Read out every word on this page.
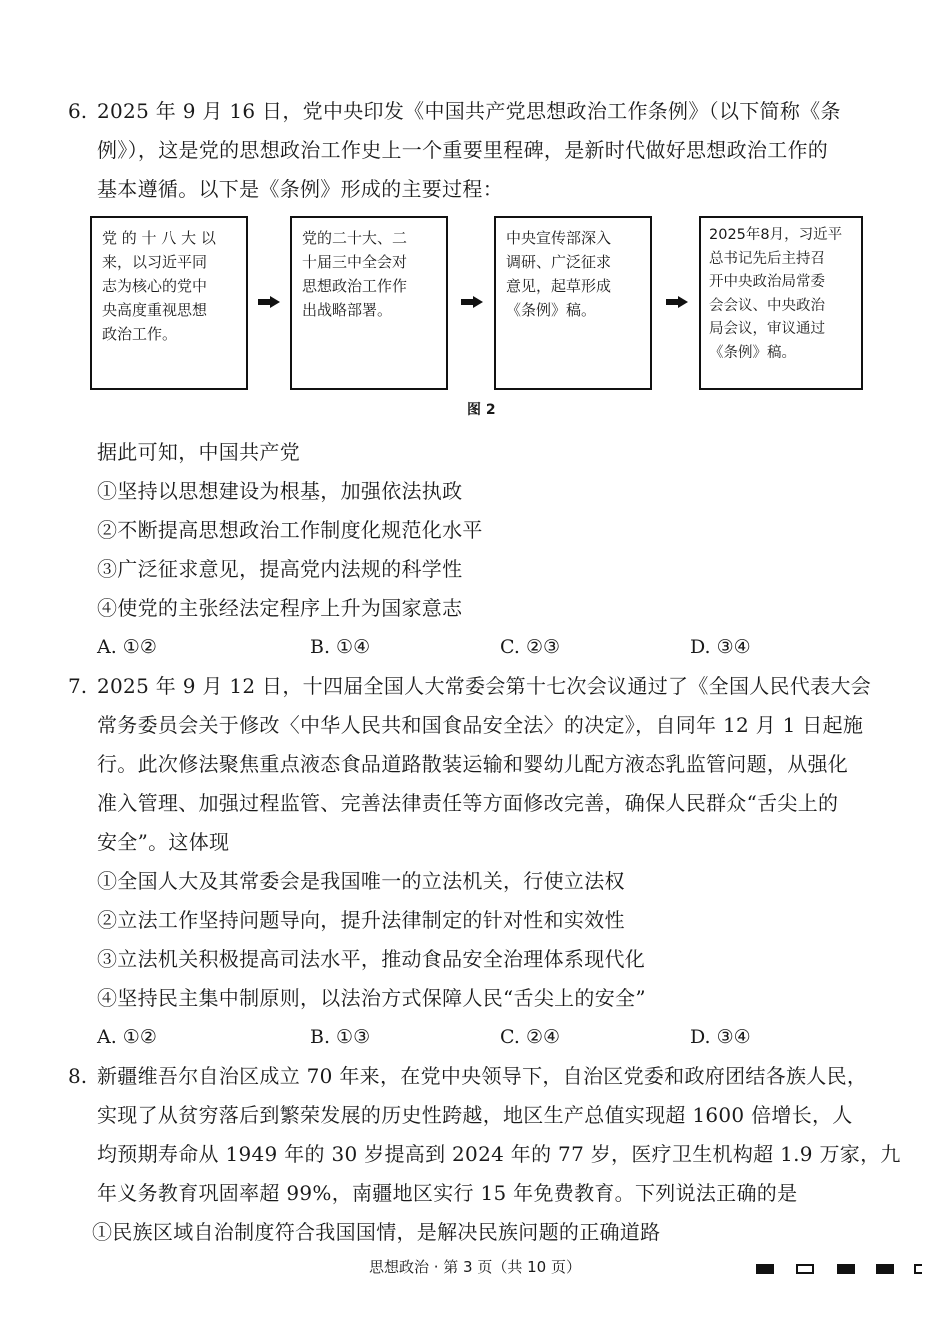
6. 2025 年 9 月 16 日，党中央印发《中国共产党思想政治工作条例》（以下简称《条
例》），这是党的思想政治工作史上一个重要里程碑，是新时代做好思想政治工作的
基本遵循。以下是《条例》形成的主要过程：

党 的 十 八 大 以

来，以习近平同

志为核心的党中

央高度重视思想

政治工作。

党的二十大、二

十届三中全会对

思想政治工作作

出战略部署。

中央宣传部深入

调研、广泛征求

意见，起草形成

《条例》稿。

2025年8月，习近平

总书记先后主持召

开中央政治局常委

会会议、中央政治

局会议，审议通过

《条例》稿。

图 2
据此可知，中国共产党
①坚持以思想建设为根基，加强依法执政
②不断提高思想政治工作制度化规范化水平
③广泛征求意见，提高党内法规的科学性
④使党的主张经法定程序上升为国家意志
A. ①②	B. ①④	C. ②③	D. ③④
7. 2025 年 9 月 12 日，十四届全国人大常委会第十七次会议通过了《全国人民代表大会
常务委员会关于修改〈中华人民共和国食品安全法〉的决定》，自同年 12 月 1 日起施
行。此次修法聚焦重点液态食品道路散装运输和婴幼儿配方液态乳监管问题，从强化
准入管理、加强过程监管、完善法律责任等方面修改完善，确保人民群众“舌尖上的
安全”。这体现
①全国人大及其常委会是我国唯一的立法机关，行使立法权
②立法工作坚持问题导向，提升法律制定的针对性和实效性
③立法机关积极提高司法水平，推动食品安全治理体系现代化
④坚持民主集中制原则，以法治方式保障人民“舌尖上的安全”
A. ①②	B. ①③	C. ②④	D. ③④
8. 新疆维吾尔自治区成立 70 年来，在党中央领导下，自治区党委和政府团结各族人民，
实现了从贫穷落后到繁荣发展的历史性跨越，地区生产总值实现超 1600 倍增长，人
均预期寿命从 1949 年的 30 岁提高到 2024 年的 77 岁，医疗卫生机构超 1.9 万家，九
年义务教育巩固率超 99%，南疆地区实行 15 年免费教育。下列说法正确的是
①民族区域自治制度符合我国国情，是解决民族问题的正确道路
思想政治 · 第 3 页（共 10 页）
